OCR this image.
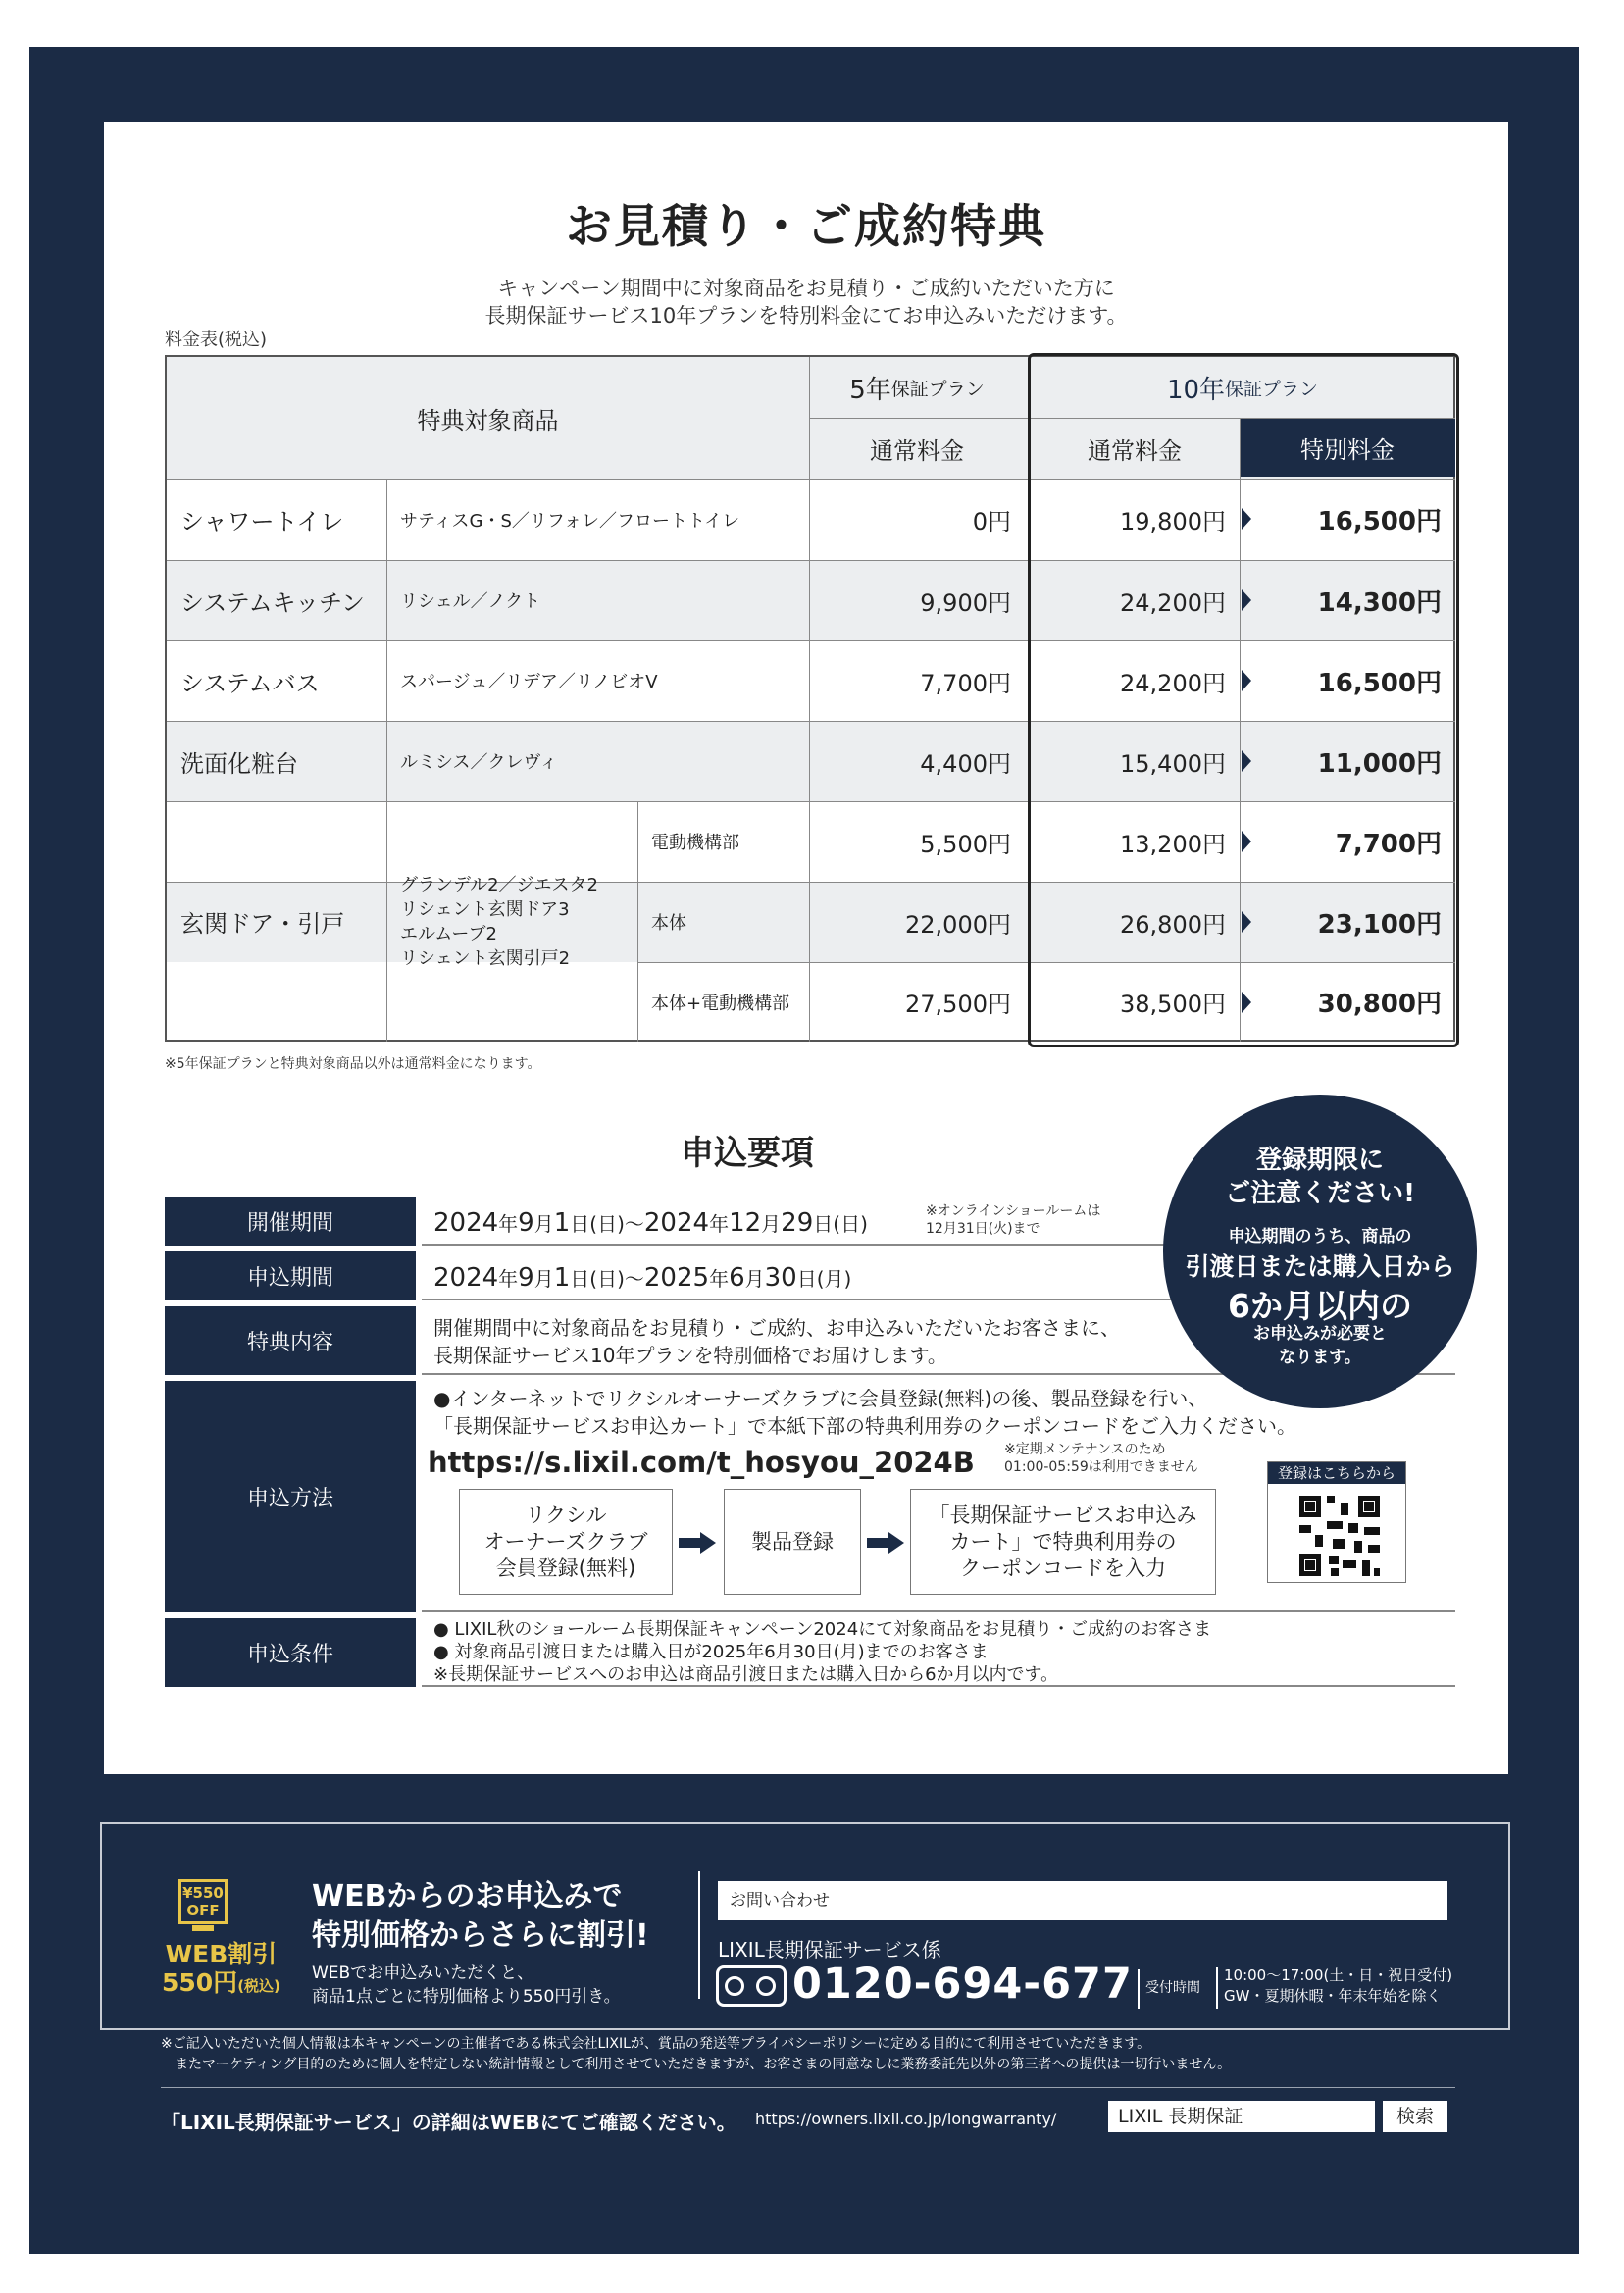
お見積り・ご成約特典
キャンペーン期間中に対象商品をお見積り・ご成約いただいた方に
長期保証サービス10年プランを特別料金にてお申込みいただけます。
料金表(税込)
特典対象商品
5年 保証プラン	10年 保証プラン
通常料金	通常料金	特別料金
シャワートイレ	サティスG・S／リフォレ／フロートトイレ	0円	19,800円	16,500円
システムキッチン	リシェル／ノクト	9,900円	24,200円	14,300円
システムバス	スパージュ／リデア／リノビオV	7,700円	24,200円	16,500円
洗面化粧台	ルミシス／クレヴィ	4,400円	15,400円	11,000円
玄関ドア・引戸
グランデル2／ジエスタ2
リシェント玄関ドア3
エルムーブ2
リシェント玄関引戸2
電動機構部	5,500円	13,200円	7,700円
本体	22,000円	26,800円	23,100円
本体+電動機構部	27,500円	38,500円	30,800円
※5年保証プランと特典対象商品以外は通常料金になります。
申込要項
開催期間	2024年9月1日(日)～2024年12月29日(日)
※オンラインショールームは
12月31日(火)まで
申込期間	2024年9月1日(日)～2025年6月30日(月)
特典内容
開催期間中に対象商品をお見積り・ご成約、お申込みいただいたお客さまに、
長期保証サービス10年プランを特別価格でお届けします。
申込方法
●インターネットでリクシルオーナーズクラブに会員登録(無料)の後、製品登録を行い、
「長期保証サービスお申込カート」で本紙下部の特典利用券のクーポンコードをご入力ください。
https://s.lixil.com/t_hosyou_2024B ※定期メンテナンスのため
01:00-05:59は利用できません
リクシル
オーナーズクラブ
会員登録(無料)
製品登録
「長期保証サービスお申込み
カート」で特典利用券の
クーポンコードを入力
登録はこちらから
申込条件
● LIXIL秋のショールーム長期保証キャンペーン2024にて対象商品をお見積り・ご成約のお客さま
● 対象商品引渡日または購入日が2025年6月30日(月)までのお客さま
※長期保証サービスへのお申込は商品引渡日または購入日から6か月以内です。
登録期限に
ご注意ください!
申込期間のうち、商品の
引渡日または購入日から
6か月以内の
お申込みが必要と
なります。
¥550
OFF
WEB割引
550円(税込)
WEBからのお申込みで
特別価格からさらに割引!
WEBでお申込みいただくと、
商品1点ごとに特別価格より550円引き。
お問い合わせ
LIXIL長期保証サービス係
0120-694-677 受付時間
10:00～17:00(土・日・祝日受付)
GW・夏期休暇・年末年始を除く
※ご記入いただいた個人情報は本キャンペーンの主催者である株式会社LIXILが、賞品の発送等プライバシーポリシーに定める目的にて利用させていただきます。
またマーケティング目的のために個人を特定しない統計情報として利用させていただきますが、お客さまの同意なしに業務委託先以外の第三者への提供は一切行いません。
「LIXIL長期保証サービス」の詳細はWEBにてご確認ください。 https://owners.lixil.co.jp/longwarranty/
LIXIL 長期保証	検索
